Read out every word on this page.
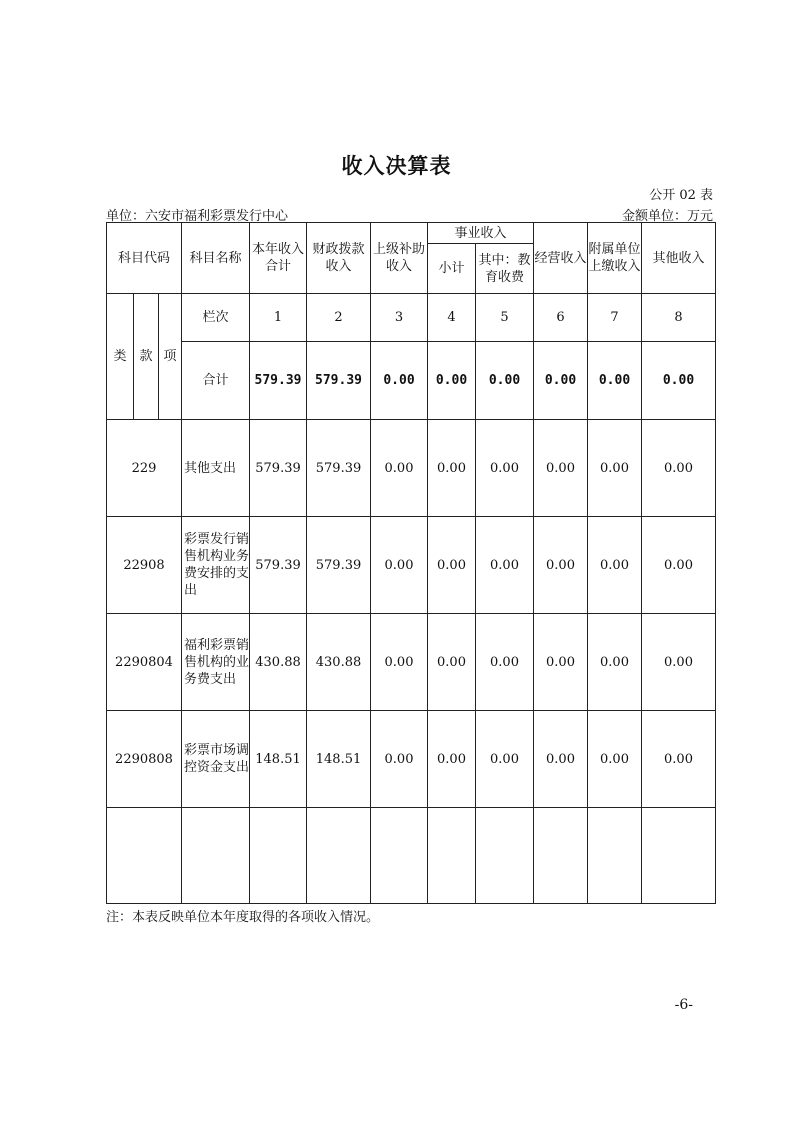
收入决算表
公开 02 表
单位：六安市福利彩票发行中心	金额单位：万元
科目代码			科目名称	本年收入合计	财政拨款收入	上级补助收入	事业收入		经营收入	附属单位上缴收入	其他收入
							小计	其中：教育收费			
类	款	项	栏次	1	2	3	4	5	6	7	8
			合计	579.39	579.39	0.00	0.00	0.00	0.00	0.00	0.00
229			其他支出	579.39	579.39	0.00	0.00	0.00	0.00	0.00	0.00
22908			彩票发行销售机构业务费安排的支出	579.39	579.39	0.00	0.00	0.00	0.00	0.00	0.00
2290804			福利彩票销售机构的业务费支出	430.88	430.88	0.00	0.00	0.00	0.00	0.00	0.00
2290808			彩票市场调控资金支出	148.51	148.51	0.00	0.00	0.00	0.00	0.00	0.00

注：本表反映单位本年度取得的各项收入情况。
-6-
